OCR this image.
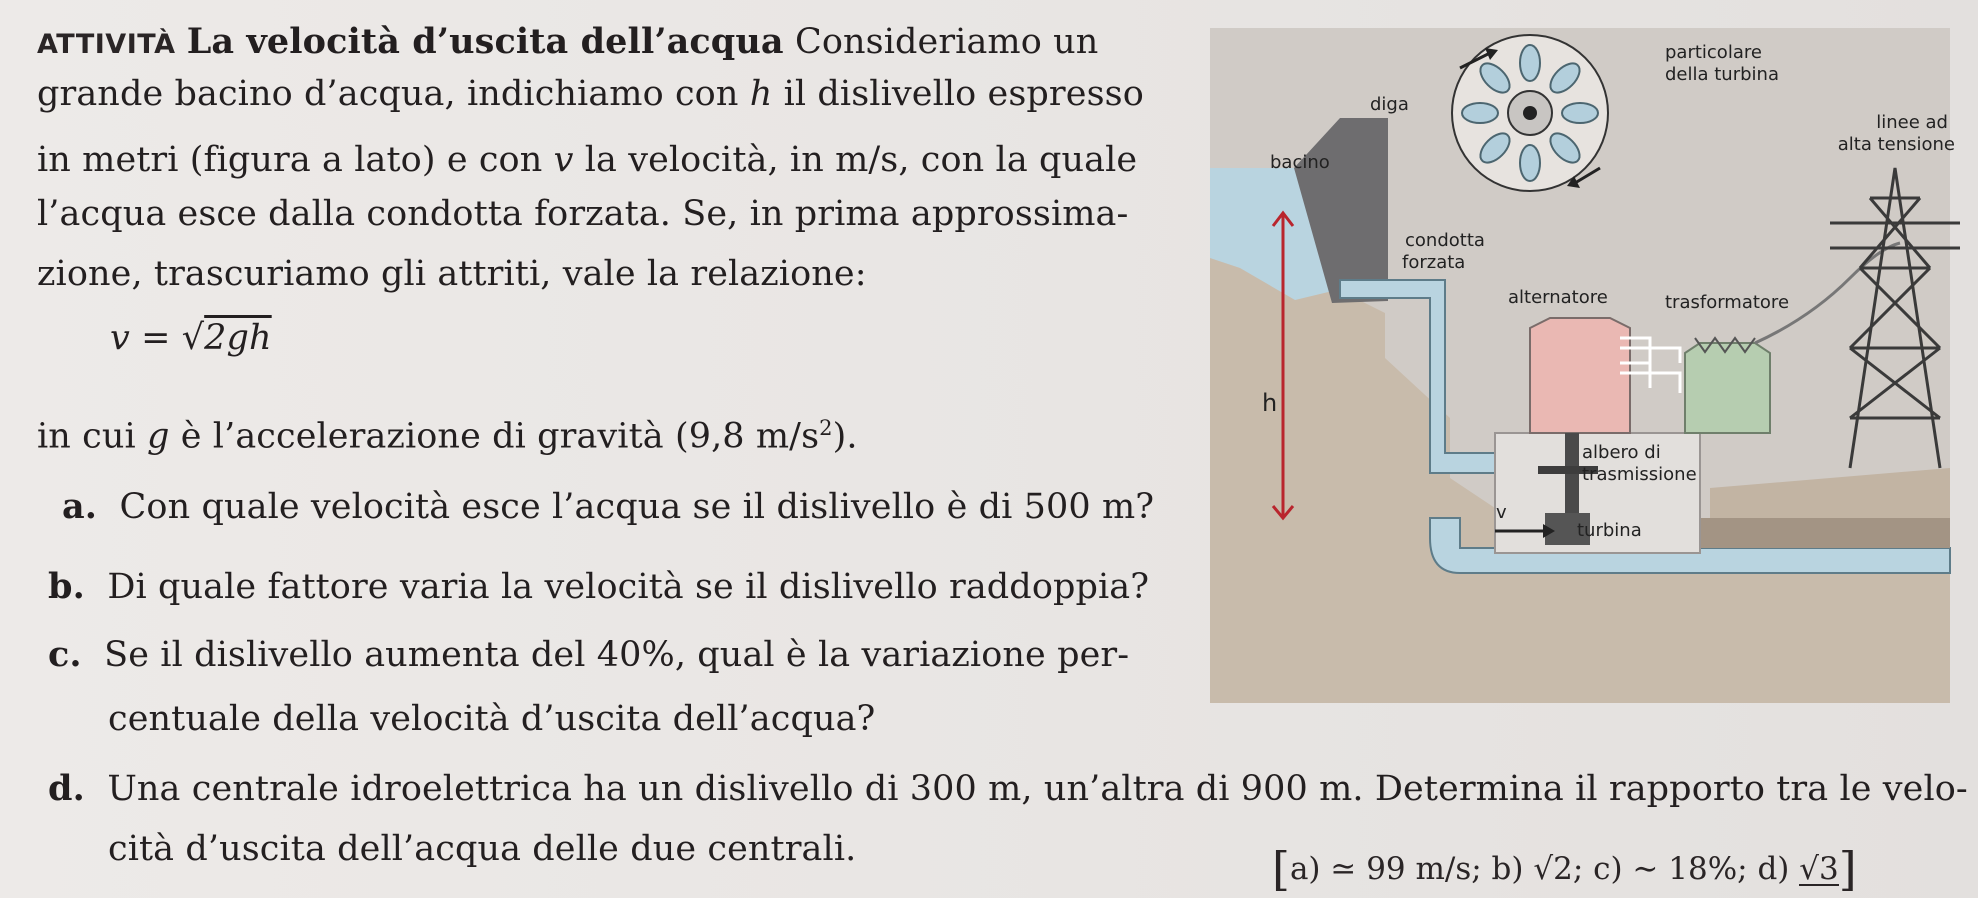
ATTIVITÀ La velocità d’uscita dell’acqua Consideriamo un
grande bacino d’acqua, indichiamo con h il dislivello espresso
in metri (figura a lato) e con v la velocità, in m/s, con la quale
l’acqua esce dalla condotta forzata. Se, in prima approssima-
zione, trascuriamo gli attriti, vale la relazione:
v = √2gh
in cui g è l’accelerazione di gravità (9,8 $m/s^2$).
a. Con quale velocità esce l’acqua se il dislivello è di 500 m?
b. Di quale fattore varia la velocità se il dislivello raddoppia?
c. Se il dislivello aumenta del 40%, qual è la variazione per-
centuale della velocità d’uscita dell’acqua?
d. Una centrale idroelettrica ha un dislivello di 300 m, un’altra di 900 m. Determina il rapporto tra le velo-
cità d’uscita dell’acqua delle due centrali.	[a) ≃ 99 m/s; b) √2; c) ∼ 18%; d) √3]
particolare
della turbina
diga
bacino
linee ad
alta tensione
condotta
forzata
alternatore	trasformatore
h
albero di
trasmissione
v
turbina
